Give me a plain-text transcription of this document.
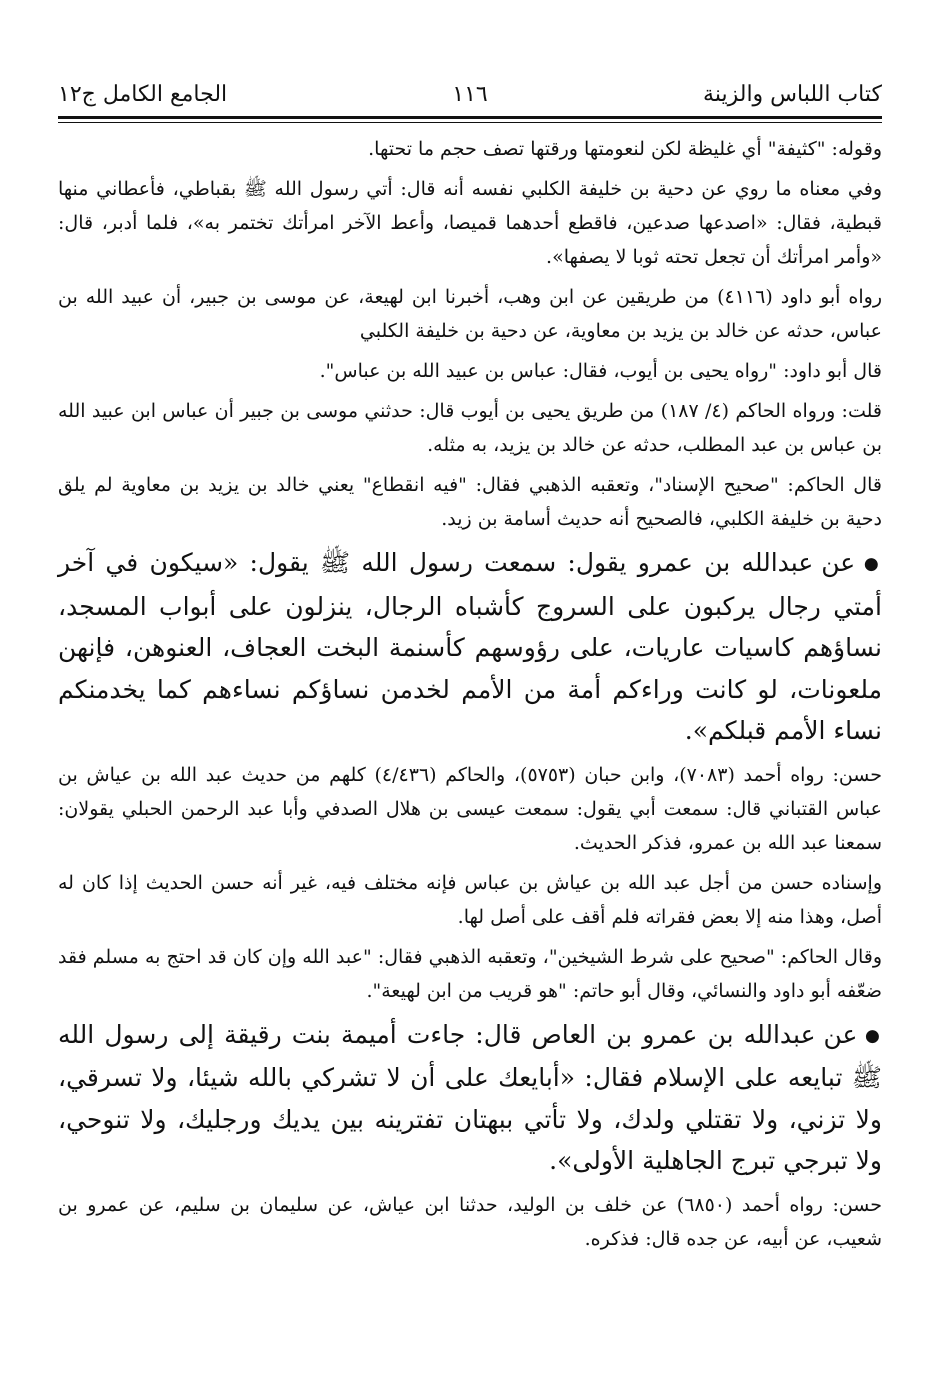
كتاب اللباس والزينة
١١٦
الجامع الكامل ج١٢

وقوله: "كثيفة" أي غليظة لكن لنعومتها ورقتها تصف حجم ما تحتها.

وفي معناه ما روي عن دحية بن خليفة الكلبي نفسه أنه قال: أتي رسول الله ﷺ بقباطي، فأعطاني منها قبطية، فقال: «اصدعها صدعين، فاقطع أحدهما قميصا، وأعط الآخر امرأتك تختمر به»، فلما أدبر، قال: «وأمر امرأتك أن تجعل تحته ثوبا لا يصفها».

رواه أبو داود (٤١١٦) من طريقين عن ابن وهب، أخبرنا ابن لهيعة، عن موسى بن جبير، أن عبيد الله بن عباس، حدثه عن خالد بن يزيد بن معاوية، عن دحية بن خليفة الكلبي

قال أبو داود: "رواه يحيى بن أيوب، فقال: عباس بن عبيد الله بن عباس".

قلت: ورواه الحاكم (٤/ ١٨٧) من طريق يحيى بن أيوب قال: حدثني موسى بن جبير أن عباس ابن عبيد الله بن عباس بن عبد المطلب، حدثه عن خالد بن يزيد، به مثله.

قال الحاكم: "صحيح الإسناد"، وتعقبه الذهبي فقال: "فيه انقطاع" يعني خالد بن يزيد بن معاوية لم يلق دحية بن خليفة الكلبي، فالصحيح أنه حديث أسامة بن زيد.

● عن عبدالله بن عمرو يقول: سمعت رسول الله ﷺ يقول: «سيكون في آخر أمتي رجال يركبون على السروج كأشباه الرجال، ينزلون على أبواب المسجد، نساؤهم كاسيات عاريات، على رؤوسهم كأسنمة البخت العجاف، العنوهن، فإنهن ملعونات، لو كانت وراءكم أمة من الأمم لخدمن نساؤكم نساءهم كما يخدمنكم نساء الأمم قبلكم».

حسن: رواه أحمد (٧٠٨٣)، وابن حبان (٥٧٥٣)، والحاكم (٤/٤٣٦) كلهم من حديث عبد الله بن عياش بن عباس القتباني قال: سمعت أبي يقول: سمعت عيسى بن هلال الصدفي وأبا عبد الرحمن الحبلي يقولان: سمعنا عبد الله بن عمرو، فذكر الحديث.

وإسناده حسن من أجل عبد الله بن عياش بن عباس فإنه مختلف فيه، غير أنه حسن الحديث إذا كان له أصل، وهذا منه إلا بعض فقراته فلم أقف على أصل لها.

وقال الحاكم: "صحيح على شرط الشيخين"، وتعقبه الذهبي فقال: "عبد الله وإن كان قد احتج به مسلم فقد ضعّفه أبو داود والنسائي، وقال أبو حاتم: "هو قريب من ابن لهيعة".

● عن عبدالله بن عمرو بن العاص قال: جاءت أميمة بنت رقيقة إلى رسول الله ﷺ تبايعه على الإسلام فقال: «أبايعك على أن لا تشركي بالله شيئا، ولا تسرقي، ولا تزني، ولا تقتلي ولدك، ولا تأتي ببهتان تفترينه بين يديك ورجليك، ولا تنوحي، ولا تبرجي تبرج الجاهلية الأولى».

حسن: رواه أحمد (٦٨٥٠) عن خلف بن الوليد، حدثنا ابن عياش، عن سليمان بن سليم، عن عمرو بن شعيب، عن أبيه، عن جده قال: فذكره.
